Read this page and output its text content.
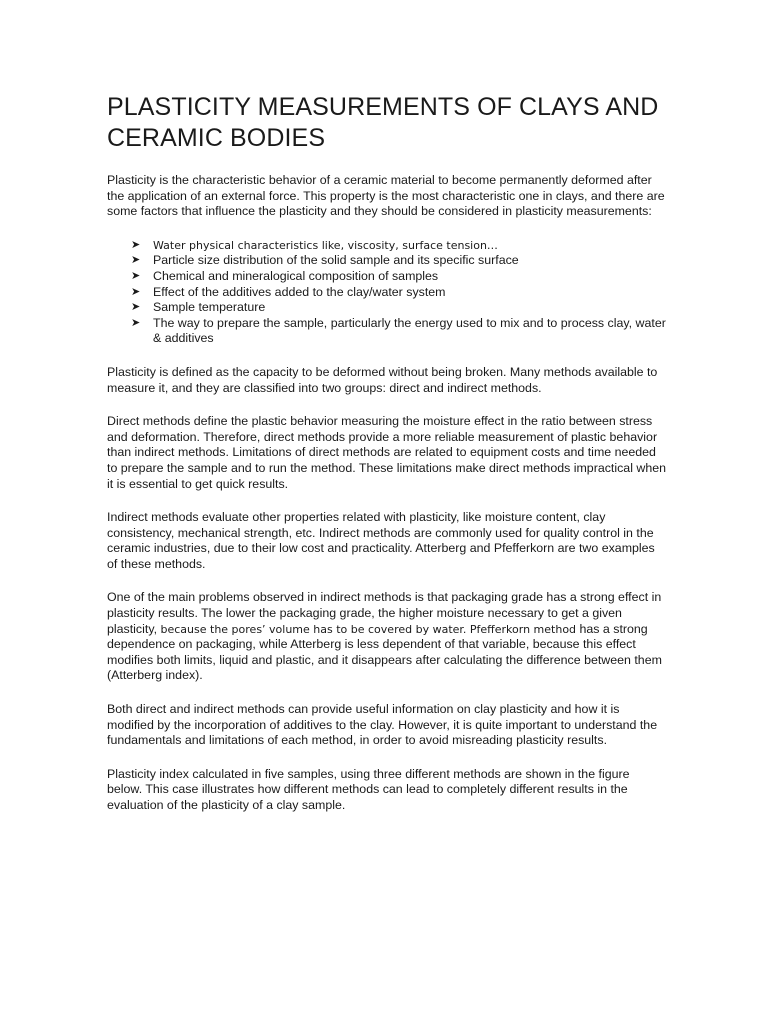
PLASTICITY MEASUREMENTS OF CLAYS AND CERAMIC BODIES

Plasticity is the characteristic behavior of a ceramic material to become permanently deformed after the application of an external force. This property is the most characteristic one in clays, and there are some factors that influence the plasticity and they should be considered in plasticity measurements:

➤ Water physical characteristics like, viscosity, surface tension…
➤ Particle size distribution of the solid sample and its specific surface
➤ Chemical and mineralogical composition of samples
➤ Effect of the additives added to the clay/water system
➤ Sample temperature
➤ The way to prepare the sample, particularly the energy used to mix and to process clay, water & additives

Plasticity is defined as the capacity to be deformed without being broken. Many methods available to measure it, and they are classified into two groups: direct and indirect methods.

Direct methods define the plastic behavior measuring the moisture effect in the ratio between stress and deformation. Therefore, direct methods provide a more reliable measurement of plastic behavior than indirect methods. Limitations of direct methods are related to equipment costs and time needed to prepare the sample and to run the method. These limitations make direct methods impractical when it is essential to get quick results.

Indirect methods evaluate other properties related with plasticity, like moisture content, clay consistency, mechanical strength, etc. Indirect methods are commonly used for quality control in the ceramic industries, due to their low cost and practicality. Atterberg and Pfefferkorn are two examples of these methods.

One of the main problems observed in indirect methods is that packaging grade has a strong effect in plasticity results. The lower the packaging grade, the higher moisture necessary to get a given plasticity, because the pores’ volume has to be covered by water. Pfefferkorn method has a strong dependence on packaging, while Atterberg is less dependent of that variable, because this effect modifies both limits, liquid and plastic, and it disappears after calculating the difference between them (Atterberg index).

Both direct and indirect methods can provide useful information on clay plasticity and how it is modified by the incorporation of additives to the clay. However, it is quite important to understand the fundamentals and limitations of each method, in order to avoid misreading plasticity results.

Plasticity index calculated in five samples, using three different methods are shown in the figure below. This case illustrates how different methods can lead to completely different results in the evaluation of the plasticity of a clay sample.
